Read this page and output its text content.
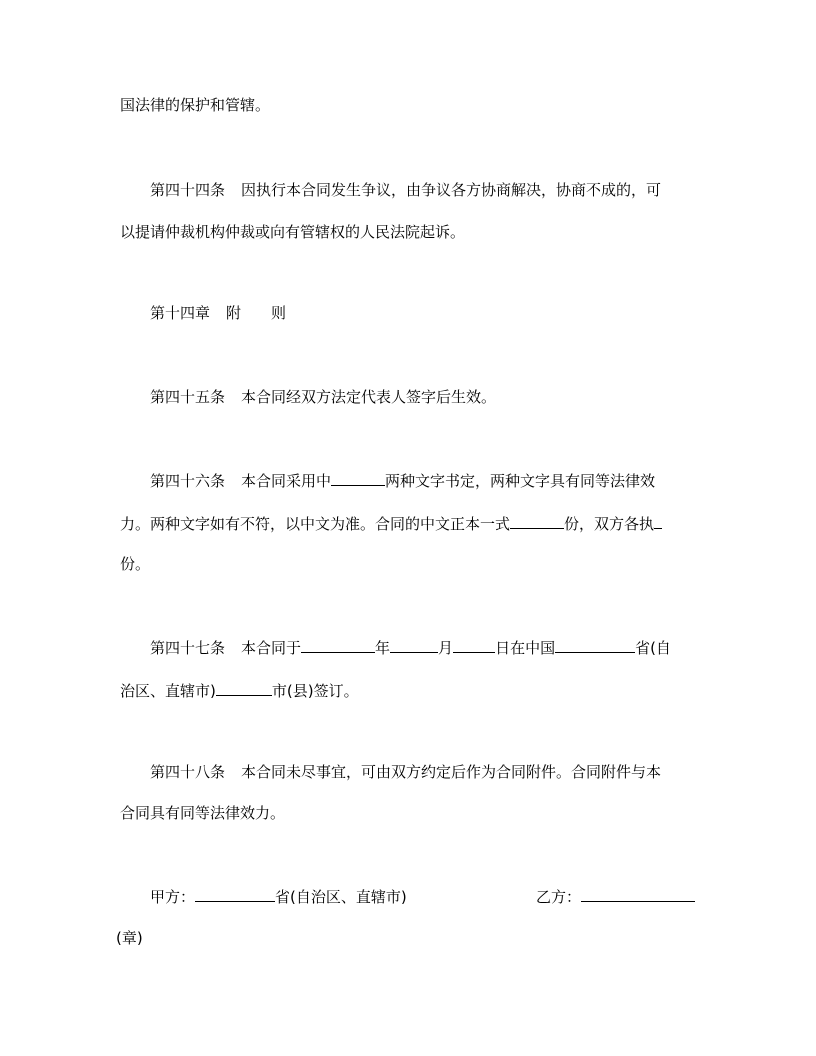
国法律的保护和管辖。
第四十四条 因执行本合同发生争议，由争议各方协商解决，协商不成的，可
以提请仲裁机构仲裁或向有管辖权的人民法院起诉。
第十四章 附 则
第四十五条 本合同经双方法定代表人签字后生效。
第四十六条 本合同采用中	两种文字书定，两种文字具有同等法律效
力。两种文字如有不符，以中文为准。合同的中文正本一式	份，双方各执
份。
第四十七条 本合同于	年	月	日在中国	省(自
治区、直辖市)	市(县)签订。
第四十八条 本合同未尽事宜，可由双方约定后作为合同附件。合同附件与本
合同具有同等法律效力。
甲方：	省(自治区、直辖市)	乙方：
(章)
